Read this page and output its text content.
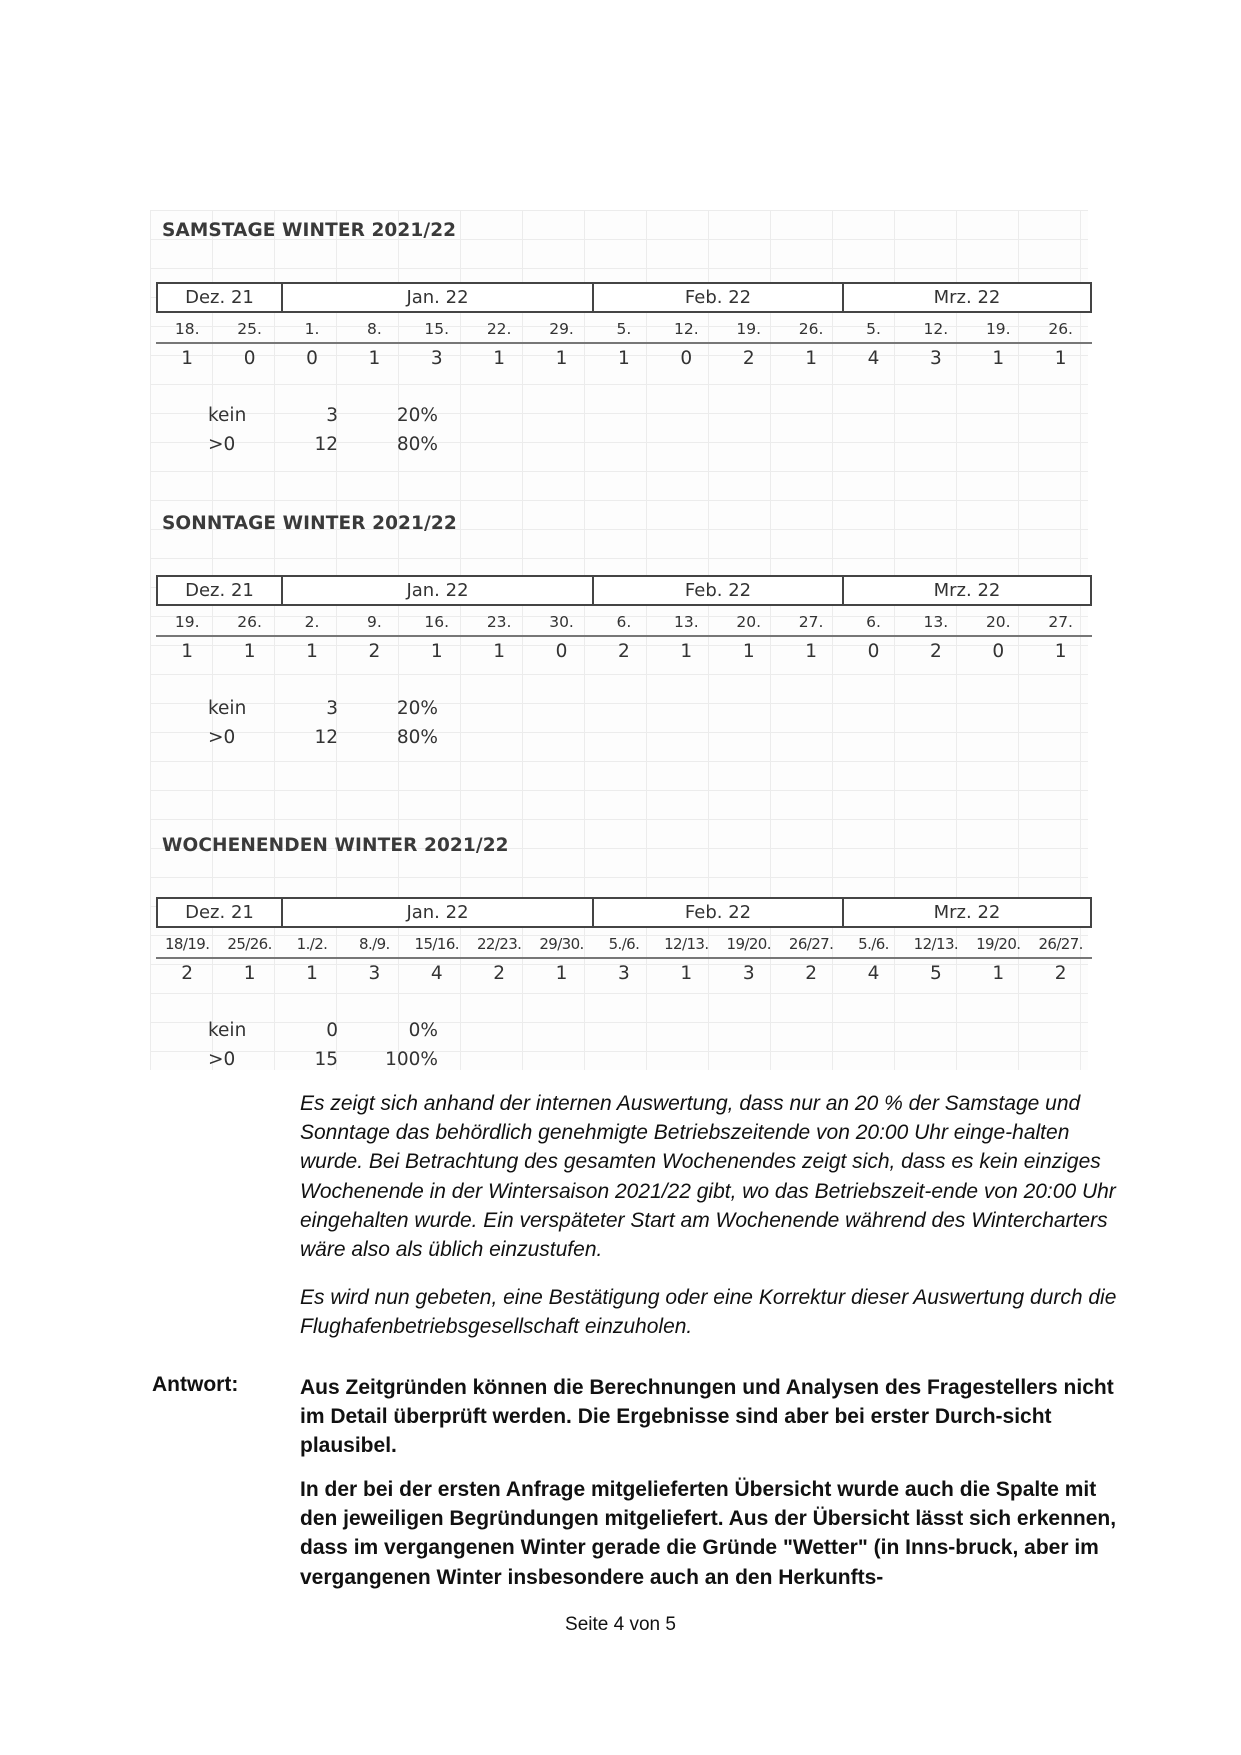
SAMSTAGE WINTER 2021/22
Dez. 21	Jan. 22	Feb. 22	Mrz. 22
18.	25.	1.	8.	15.	22.	29.	5.	12.	19.	26.	5.	12.	19.	26.
1	0	0	1	3	1	1	1	0	2	1	4	3	1	1
kein	3	20%
>0	12	80%
SONNTAGE WINTER 2021/22
Dez. 21	Jan. 22	Feb. 22	Mrz. 22
19.	26.	2.	9.	16.	23.	30.	6.	13.	20.	27.	6.	13.	20.	27.
1	1	1	2	1	1	0	2	1	1	1	0	2	0	1
kein	3	20%
>0	12	80%
WOCHENENDEN WINTER 2021/22
Dez. 21	Jan. 22	Feb. 22	Mrz. 22
18/19.	25/26.	1./2.	8./9.	15/16.	22/23.	29/30.	5./6.	12/13.	19/20.	26/27.	5./6.	12/13.	19/20.	26/27.
2	1	1	3	4	2	1	3	1	3	2	4	5	1	2
kein	0	0%
>0	15	100%
Es zeigt sich anhand der internen Auswertung, dass nur an 20 % der Samstage und Sonntage das behördlich genehmigte Betriebszeitende von 20:00 Uhr einge-halten wurde. Bei Betrachtung des gesamten Wochenendes zeigt sich, dass es kein einziges Wochenende in der Wintersaison 2021/22 gibt, wo das Betriebszeit-ende von 20:00 Uhr eingehalten wurde. Ein verspäteter Start am Wochenende während des Wintercharters wäre also als üblich einzustufen.
Es wird nun gebeten, eine Bestätigung oder eine Korrektur dieser Auswertung durch die Flughafenbetriebsgesellschaft einzuholen.
Antwort:	Aus Zeitgründen können die Berechnungen und Analysen des Fragestellers nicht im Detail überprüft werden. Die Ergebnisse sind aber bei erster Durch-sicht plausibel.
In der bei der ersten Anfrage mitgelieferten Übersicht wurde auch die Spalte mit den jeweiligen Begründungen mitgeliefert. Aus der Übersicht lässt sich erkennen, dass im vergangenen Winter gerade die Gründe "Wetter" (in Inns-bruck, aber im vergangenen Winter insbesondere auch an den Herkunfts-
Seite 4 von 5
